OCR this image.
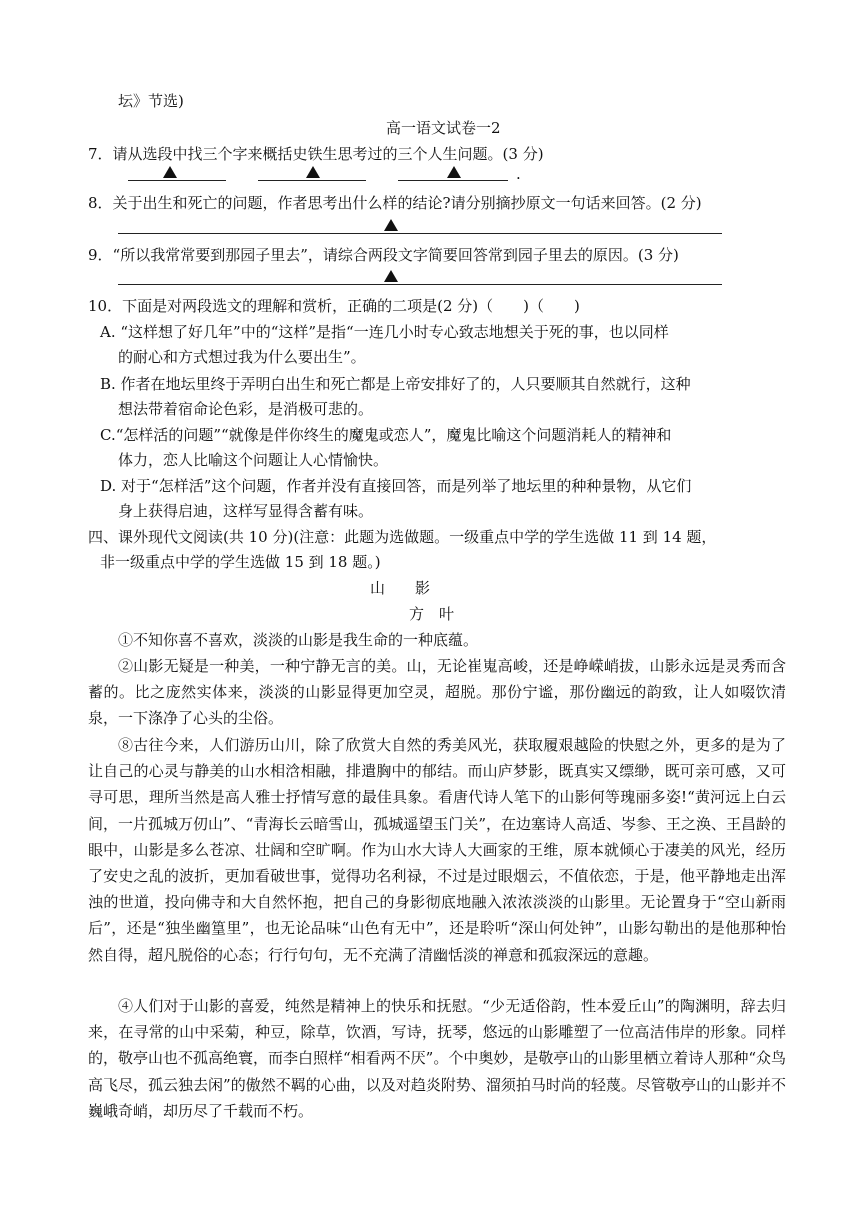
坛》节选)
高一语文试卷一2
7．请从选段中找三个字来概括史铁生思考过的三个人生问题。(3 分)
.
8．关于出生和死亡的问题，作者思考出什么样的结论?请分别摘抄原文一句话来回答。(2 分)
9．“所以我常常要到那园子里去”，请综合两段文字简要回答常到园子里去的原因。(3 分)
10．下面是对两段选文的理解和赏析，正确的二项是(2 分)（　　)（　　)
A. “这样想了好几年”中的“这样”是指“一连几小时专心致志地想关于死的事，也以同样
的耐心和方式想过我为什么要出生”。
B. 作者在地坛里终于弄明白出生和死亡都是上帝安排好了的，人只要顺其自然就行，这种
想法带着宿命论色彩，是消极可悲的。
C.“怎样活的问题”“就像是伴你终生的魔鬼或恋人”，魔鬼比喻这个问题消耗人的精神和
体力，恋人比喻这个问题让人心情愉快。
D. 对于“怎样活”这个问题，作者并没有直接回答，而是列举了地坛里的种种景物，从它们
身上获得启迪，这样写显得含蓄有味。
四、课外现代文阅读(共 10 分)(注意：此题为选做题。一级重点中学的学生选做 11 到 14 题，
非一级重点中学的学生选做 15 到 18 题。)
山　　影
方　叶
①不知你喜不喜欢，淡淡的山影是我生命的一种底蕴。
②山影无疑是一种美，一种宁静无言的美。山，无论崔嵬高峻，还是峥嵘峭拔，山影永远是灵秀而含蓄的。比之庞然实体来，淡淡的山影显得更加空灵，超脱。那份宁谧，那份幽远的韵致，让人如啜饮清泉，一下涤净了心头的尘俗。
⑧古往今来，人们游历山川，除了欣赏大自然的秀美风光，获取履艰越险的快慰之外，更多的是为了让自己的心灵与静美的山水相浛相融，排遣胸中的郁结。而山庐梦影，既真实又缥缈，既可亲可感，又可寻可思，理所当然是高人雅士抒情写意的最佳具象。看唐代诗人笔下的山影何等瑰丽多姿!“黄河远上白云间，一片孤城万仞山”、“青海长云暗雪山，孤城遥望玉门关”，在边塞诗人高适、岑参、王之涣、王昌龄的眼中，山影是多么苍凉、壮阔和空旷啊。作为山水大诗人大画家的王维，原本就倾心于凄美的风光，经历了安史之乱的波折，更加看破世事，觉得功名利禄，不过是过眼烟云，不值依恋，于是，他平静地走出浑浊的世道，投向佛寺和大自然怀抱，把自己的身影彻底地融入浓浓淡淡的山影里。无论置身于“空山新雨后”，还是“独坐幽篁里”，也无论品味“山色有无中”，还是聆听“深山何处钟”，山影勾勒出的是他那种怡然自得，超凡脱俗的心态；行行句句，无不充满了清幽恬淡的禅意和孤寂深远的意趣。
④人们对于山影的喜爱，纯然是精神上的快乐和抚慰。“少无适俗韵，性本爱丘山”的陶渊明，辞去归来，在寻常的山中采菊，种豆，除草，饮酒，写诗，抚琴，悠远的山影雕塑了一位高洁伟岸的形象。同样的，敬亭山也不孤高绝寰，而李白照样“相看两不厌”。个中奥妙，是敬亭山的山影里栖立着诗人那种“众鸟高飞尽，孤云独去闲”的傲然不羁的心曲，以及对趋炎附势、溜须拍马时尚的轻蔑。尽管敬亭山的山影并不巍峨奇峭，却历尽了千载而不朽。
